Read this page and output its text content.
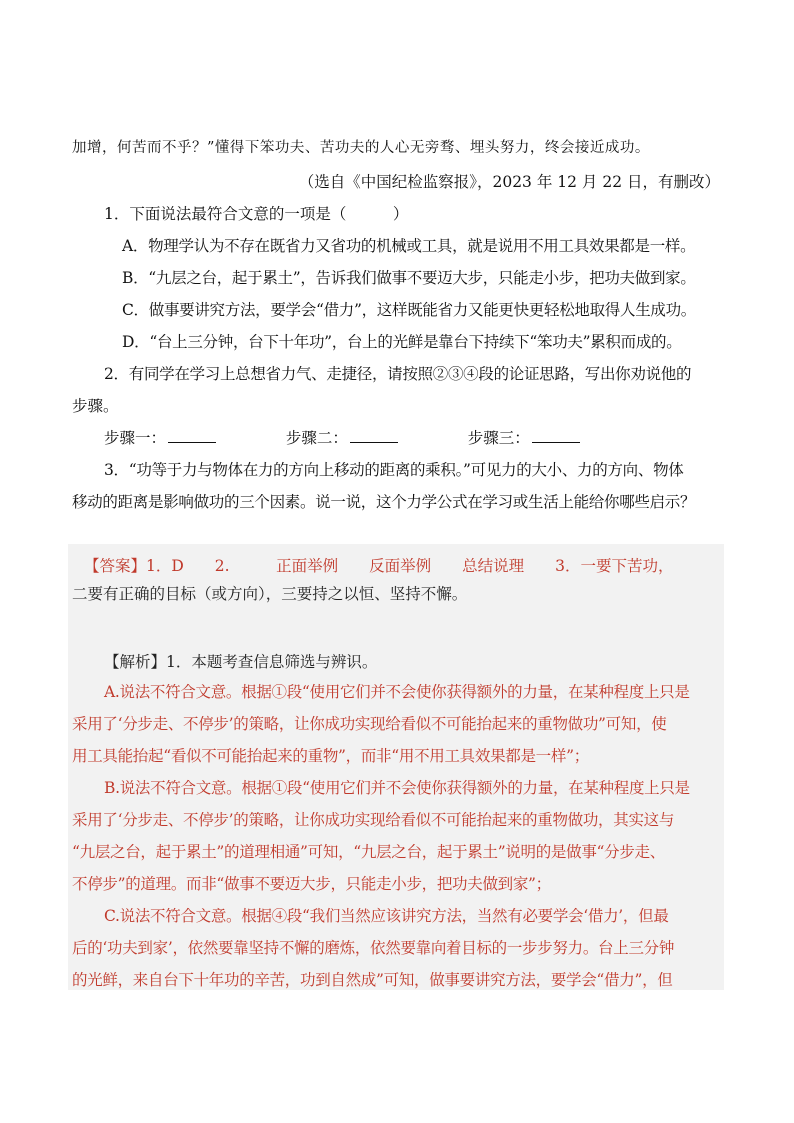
加增，何苦而不乎？”懂得下笨功夫、苦功夫的人心无旁骛、埋头努力，终会接近成功。
（选自《中国纪检监察报》，2023 年 12 月 22 日，有删改）
1．下面说法最符合文意的一项是（　　　）
A．物理学认为不存在既省力又省功的机械或工具，就是说用不用工具效果都是一样。
B．“九层之台，起于累土”，告诉我们做事不要迈大步，只能走小步，把功夫做到家。
C．做事要讲究方法，要学会“借力”，这样既能省力又能更快更轻松地取得人生成功。
D．“台上三分钟，台下十年功”，台上的光鲜是靠台下持续下“笨功夫”累积而成的。
2．有同学在学习上总想省力气、走捷径，请按照②③④段的论证思路，写出你劝说他的
步骤。
步骤一：	步骤二：	步骤三：
3．“功等于力与物体在力的方向上移动的距离的乘积。”可见力的大小、力的方向、物体
移动的距离是影响做功的三个因素。说一说，这个力学公式在学习或生活上能给你哪些启示？
【答案】1．D　　2.　　　正面举例　　反面举例　　总结说理　　3．一要下苦功，
二要有正确的目标（或方向），三要持之以恒、坚持不懈。
【解析】1．本题考查信息筛选与辨识。
A.说法不符合文意。根据①段“使用它们并不会使你获得额外的力量，在某种程度上只是
采用了‘分步走、不停步’的策略，让你成功实现给看似不可能抬起来的重物做功”可知，使
用工具能抬起“看似不可能抬起来的重物”，而非“用不用工具效果都是一样”；
B.说法不符合文意。根据①段“使用它们并不会使你获得额外的力量，在某种程度上只是
采用了‘分步走、不停步’的策略，让你成功实现给看似不可能抬起来的重物做功，其实这与
“九层之台，起于累土”的道理相通”可知，“九层之台，起于累土”说明的是做事“分步走、
不停步”的道理。而非“做事不要迈大步，只能走小步，把功夫做到家”；
C.说法不符合文意。根据④段“我们当然应该讲究方法，当然有必要学会‘借力’，但最
后的‘功夫到家’，依然要靠坚持不懈的磨炼，依然要靠向着目标的一步步努力。台上三分钟
的光鲜，来自台下十年功的辛苦，功到自然成”可知，做事要讲究方法，要学会“借力”，但
